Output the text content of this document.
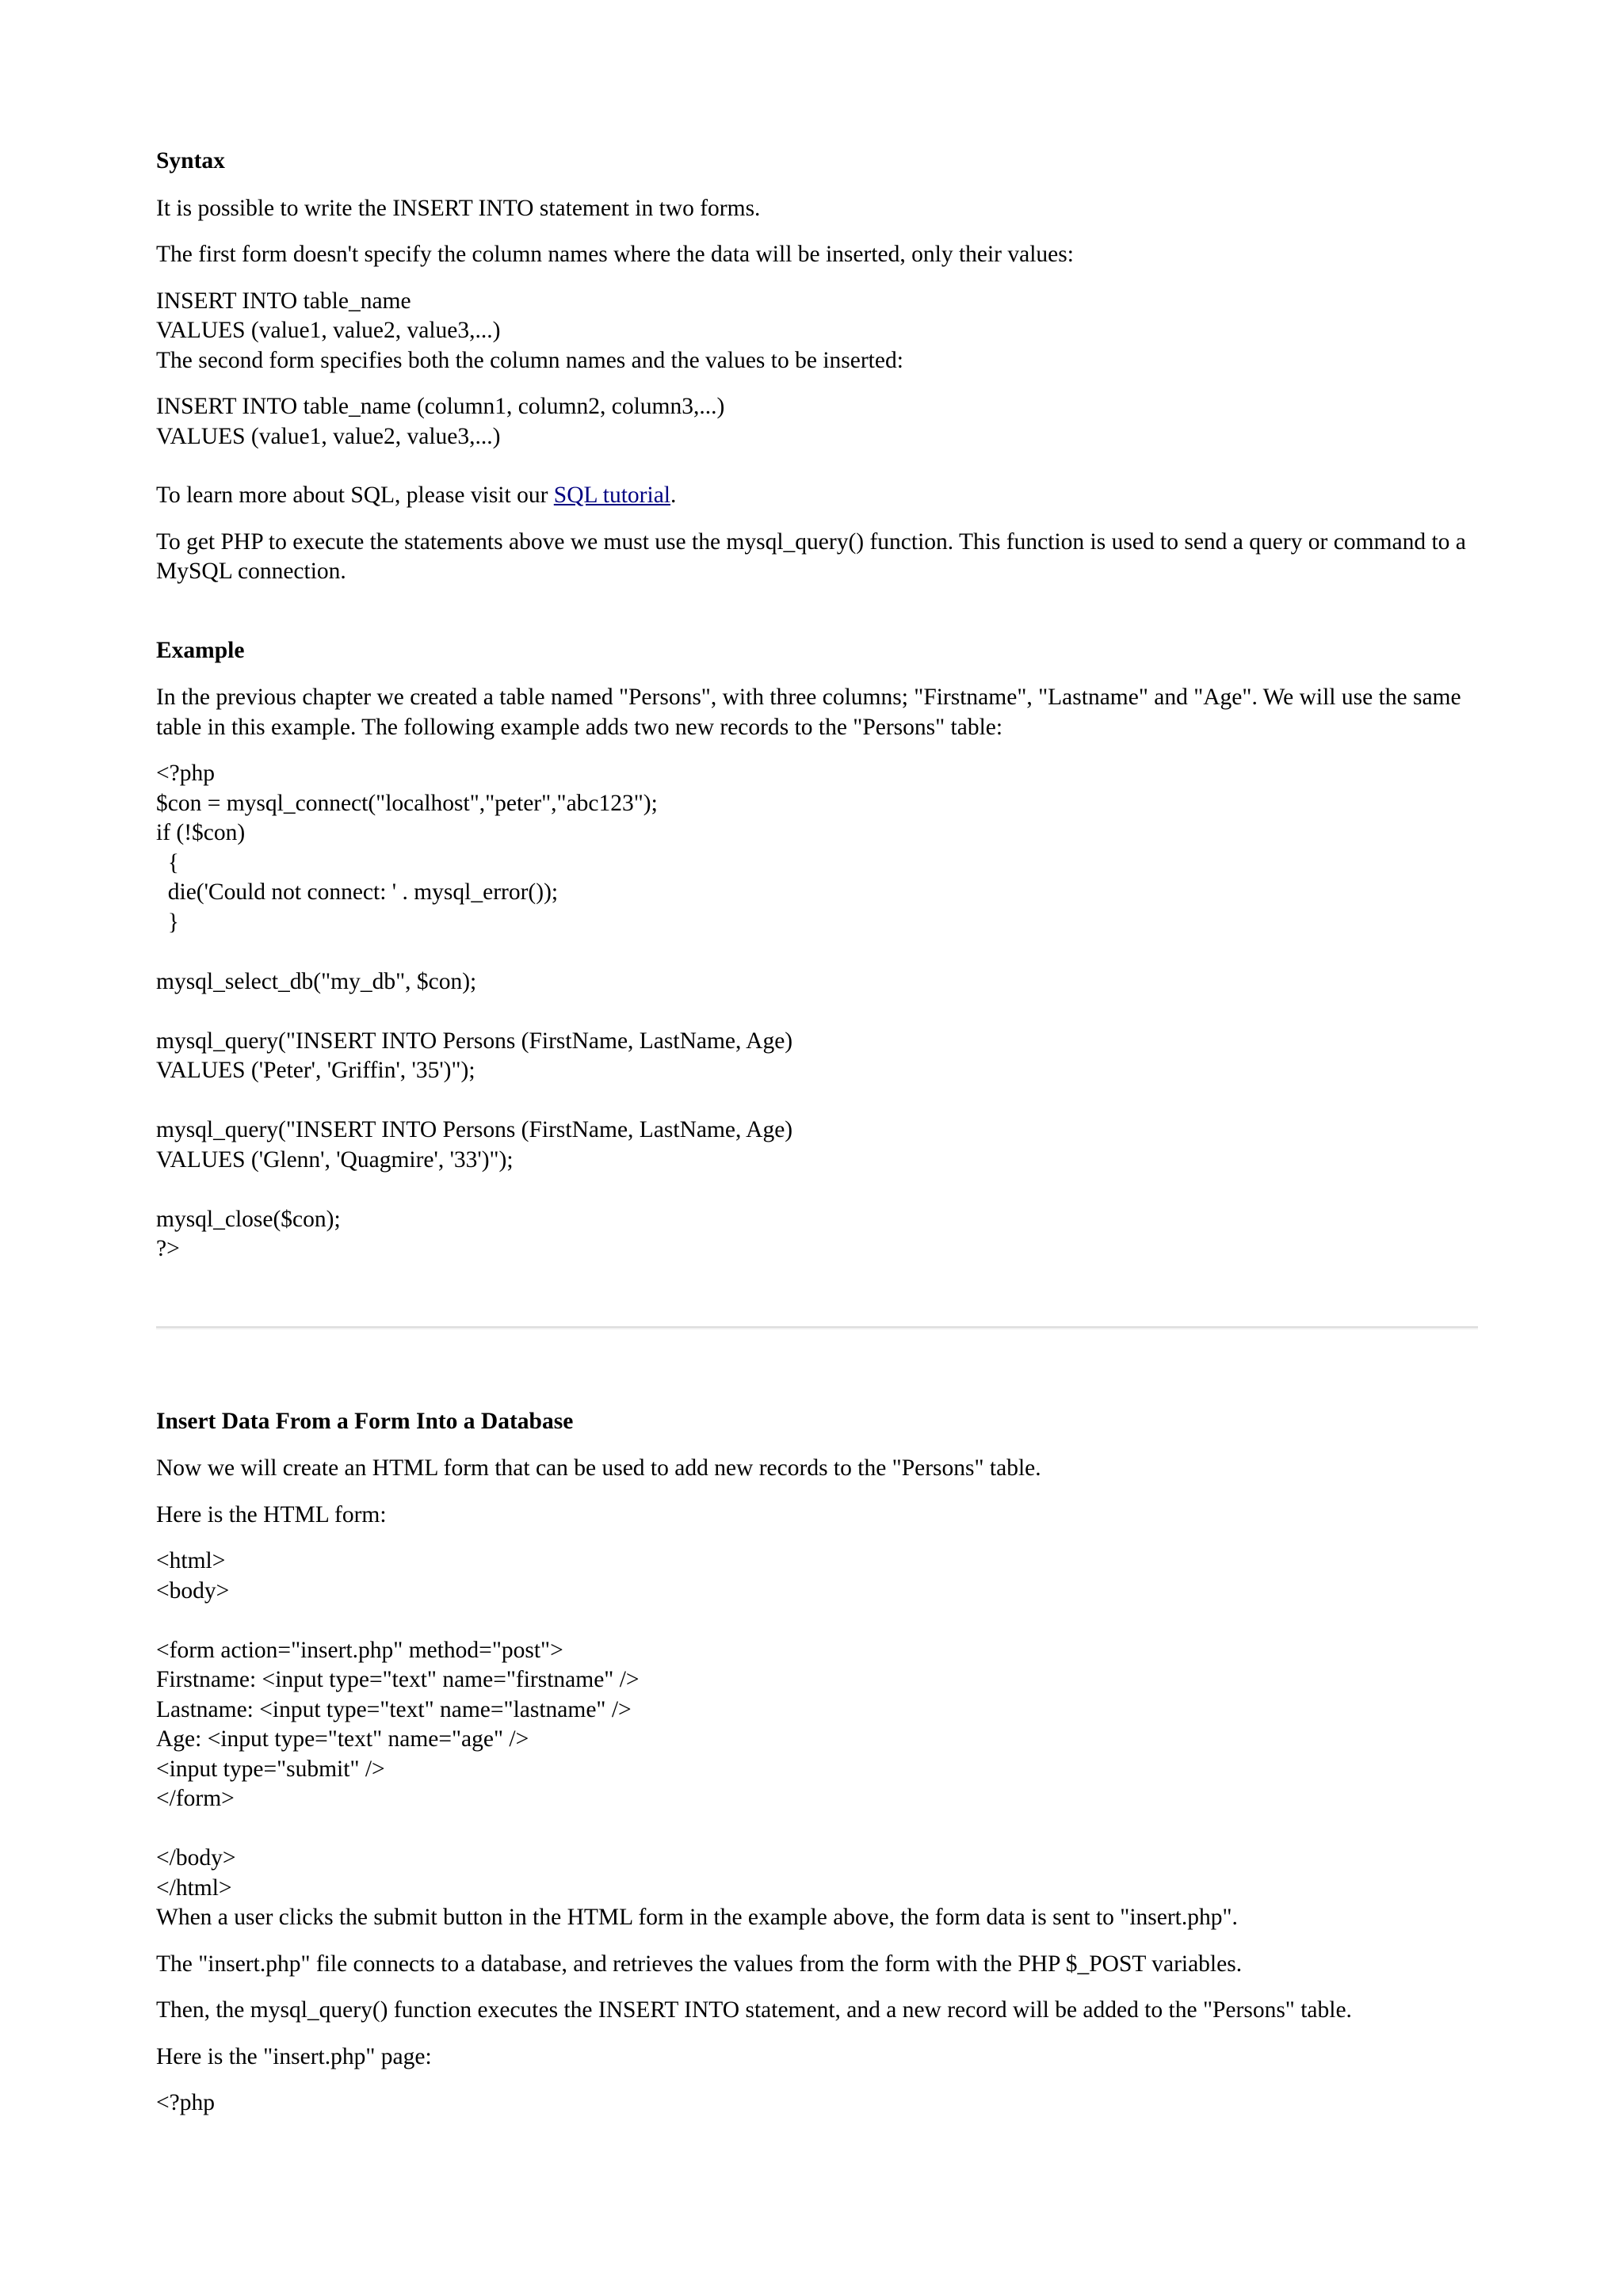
Syntax
It is possible to write the INSERT INTO statement in two forms.
The first form doesn't specify the column names where the data will be inserted, only their values:
INSERT INTO table_name
VALUES (value1, value2, value3,...)
The second form specifies both the column names and the values to be inserted:
INSERT INTO table_name (column1, column2, column3,...)
VALUES (value1, value2, value3,...)
To learn more about SQL, please visit our SQL tutorial.
To get PHP to execute the statements above we must use the mysql_query() function. This function is used to send a query or command to a MySQL connection.
Example
In the previous chapter we created a table named "Persons", with three columns; "Firstname", "Lastname" and "Age". We will use the same table in this example. The following example adds two new records to the "Persons" table:
<?php
$con = mysql_connect("localhost","peter","abc123");
if (!$con)
{
die('Could not connect: ' . mysql_error());
}

mysql_select_db("my_db", $con);

mysql_query("INSERT INTO Persons (FirstName, LastName, Age)
VALUES ('Peter', 'Griffin', '35')");

mysql_query("INSERT INTO Persons (FirstName, LastName, Age)
VALUES ('Glenn', 'Quagmire', '33')");

mysql_close($con);
?>
Insert Data From a Form Into a Database
Now we will create an HTML form that can be used to add new records to the "Persons" table.
Here is the HTML form:
<html>
<body>

<form action="insert.php" method="post">
Firstname: <input type="text" name="firstname" />
Lastname: <input type="text" name="lastname" />
Age: <input type="text" name="age" />
<input type="submit" />
</form>

</body>
</html>
When a user clicks the submit button in the HTML form in the example above, the form data is sent to "insert.php".
The "insert.php" file connects to a database, and retrieves the values from the form with the PHP $_POST variables.
Then, the mysql_query() function executes the INSERT INTO statement, and a new record will be added to the "Persons" table.
Here is the "insert.php" page:
<?php
